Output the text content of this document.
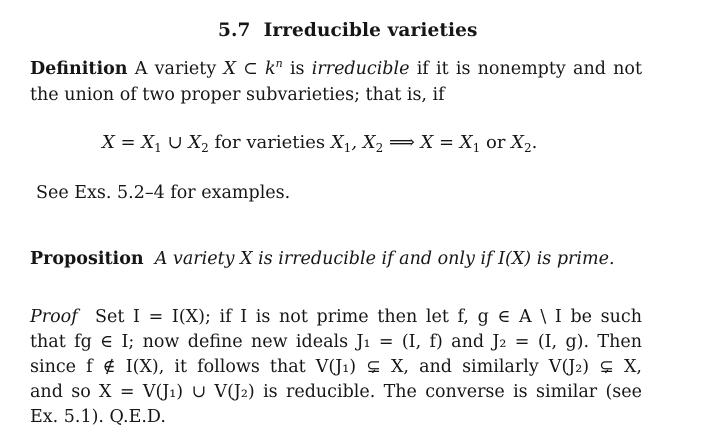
5.7 Irreducible varieties
Definition A variety X ⊂ $k^n$ is irreducible if it is nonempty and not
the union of two proper subvarieties; that is, if
$X = X_1$ ∪ $X_2$ for varieties $X_1$, $X_2$ ⟹ $X = X_1$ or $X_2$.
See Exs. 5.2–4 for examples.
Proposition A variety X is irreducible if and only if I(X) is prime.
Proof Set I = I(X); if I is not prime then let f, g ∈ A \ I be such
that fg ∈ I; now define new ideals J₁ = (I, f) and J₂ = (I, g). Then
since f ∉ I(X), it follows that V(J₁) ⊊ X, and similarly V(J₂) ⊊ X,
and so X = V(J₁) ∪ V(J₂) is reducible. The converse is similar (see
Ex. 5.1). Q.E.D.
